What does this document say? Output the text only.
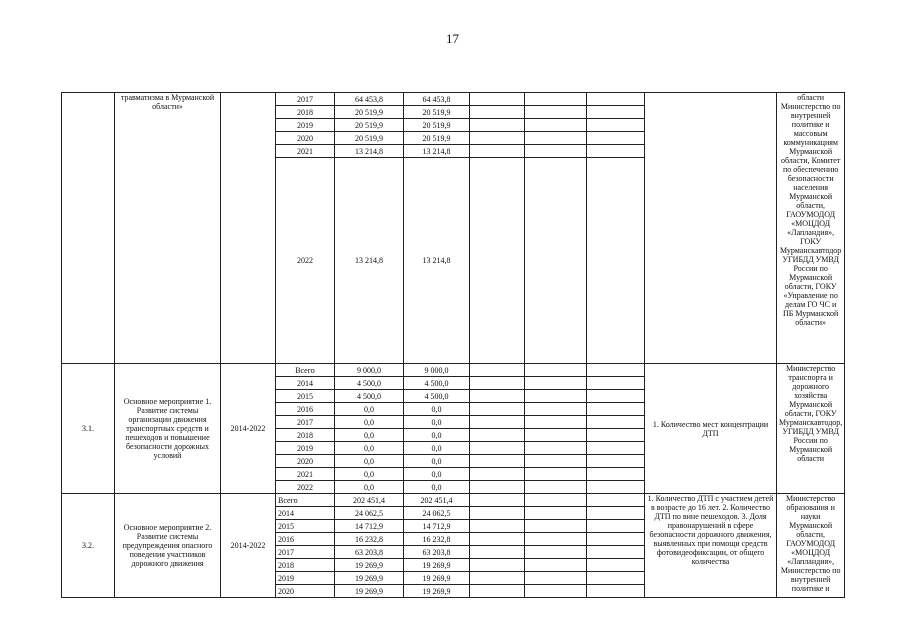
17
	травматизма в Мурманской области»		2017	64 453,8	64 453,8					области Министерство по внутренней политике и массовым коммуникациям Мурманской области, Комитет по обеспечению безопасности населения Мурманской области, ГАОУМОДОД «МОЦДОД «Лапландия», ГОКУ Мурманскавтодор УГИБДД УМВД России по Мурманской области, ГОКУ «Управление по делам ГО ЧС и ПБ Мурманской области»
			2018	20 519,9	20 519,9					
			2019	20 519,9	20 519,9					
			2020	20 519,9	20 519,9					
			2021	13 214,8	13 214,8					
			2022	13 214,8	13 214,8					
3.1.	Основное мероприятие 1. Развитие системы организации движения транспортных средств и пешеходов и повышение безопасности дорожных условий	2014-2022	Всего	9 000,0	9 000,0				1. Количество мест концентрации ДТП	Министерство транспорта и дорожного хозяйства Мурманской области, ГОКУ Мурманскавтодор, УГИБДД УМВД России по Мурманской области
			2014	4 500,0	4 500,0					
			2015	4 500,0	4 500,0					
			2016	0,0	0,0					
			2017	0,0	0,0					
			2018	0,0	0,0					
			2019	0,0	0,0					
			2020	0,0	0,0					
			2021	0,0	0,0					
			2022	0,0	0,0					
3.2.	Основное мероприятие 2. Развитие системы предупреждения опасного поведения участников дорожного движения	2014-2022	Всего	202 451,4	202 451,4				1. Количество ДТП с участием детей в возрасте до 16 лет. 2. Количество ДТП по вине пешеходов. 3. Доля правонарушений в сфере безопасности дорожного движения, выявленных при помощи средств фотовидеофиксации, от общего количества	Министерство образования и науки Мурманской области, ГАОУМОДОД «МОЦДОД «Лапландия», Министерство по внутренней политике и
			2014	24 062,5	24 062,5					
			2015	14 712,9	14 712,9					
			2016	16 232,8	16 232,8					
			2017	63 203,8	63 203,8					
			2018	19 269,9	19 269,9					
			2019	19 269,9	19 269,9					
			2020	19 269,9	19 269,9					
